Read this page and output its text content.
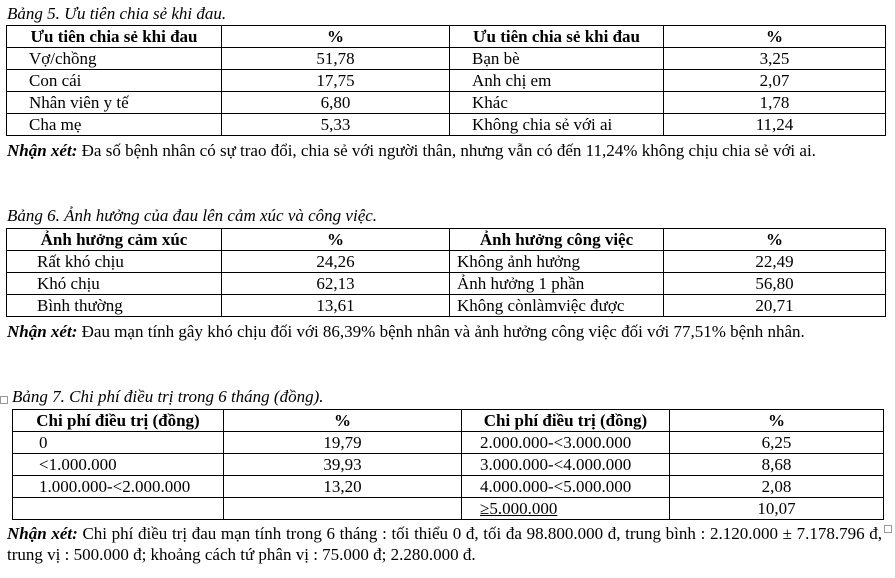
Bảng 5. Ưu tiên chia sẻ khi đau.
Ưu tiên chia sẻ khi đau	%	Ưu tiên chia sẻ khi đau	%
Vợ/chồng	51,78	Bạn bè	3,25
Con cái	17,75	Anh chị em	2,07
Nhân viên y tế	6,80	Khác	1,78
Cha mẹ	5,33	Không chia sẻ với ai	11,24
Nhận xét: Đa số bệnh nhân có sự trao đổi, chia sẻ với người thân, nhưng vẫn có đến 11,24% không chịu chia sẻ với ai.
Bảng 6. Ảnh hưởng của đau lên cảm xúc và công việc.
Ảnh hưởng cảm xúc	%	Ảnh hưởng công việc	%
Rất khó chịu	24,26	Không ảnh hưởng	22,49
Khó chịu	62,13	Ảnh hưởng 1 phần	56,80
Bình thường	13,61	Không cònlàmviệc được	20,71
Nhận xét: Đau mạn tính gây khó chịu đối với 86,39% bệnh nhân và ảnh hưởng công việc đối với 77,51% bệnh nhân.
Bảng 7. Chi phí điều trị trong 6 tháng (đồng).
Chi phí điều trị (đồng)	%	Chi phí điều trị (đồng)	%
0	19,79	2.000.000-<3.000.000	6,25
<1.000.000	39,93	3.000.000-<4.000.000	8,68
1.000.000-<2.000.000	13,20	4.000.000-<5.000.000	2,08
		≥5.000.000	10,07
Nhận xét: Chi phí điều trị đau mạn tính trong 6 tháng : tối thiểu 0 đ, tối đa 98.800.000 đ, trung bình : 2.120.000 ± 7.178.796 đ, trung vị : 500.000 đ; khoảng cách tứ phân vị : 75.000 đ; 2.280.000 đ.
